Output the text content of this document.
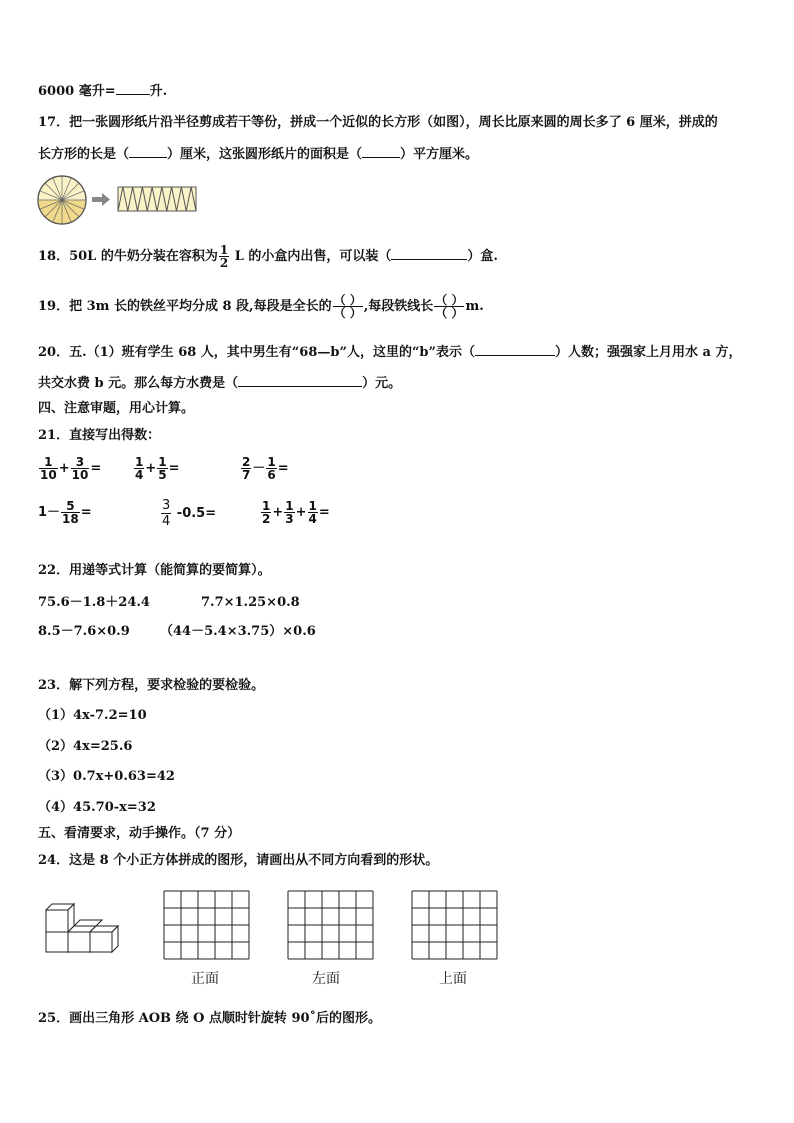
6000 毫升=	升.
17．把一张圆形纸片沿半径剪成若干等份，拼成一个近似的长方形（如图），周长比原来圆的周长多了 6 厘米，拼成的
长方形的长是（	）厘米，这张圆形纸片的面积是（	）平方厘米。
18．50L 的牛奶分装在容积为 $\frac{1}{2}$ L 的小盒内出售，可以装（	）盒.
19．把 3m 长的铁丝平均分成 8 段,每段是全长的 $\frac{( )}{( )}$ ,每段铁线长 $\frac{( )}{( )} m$.
20．五.（1）班有学生 68 人，其中男生有“68—b”人，这里的“b”表示（	）人数；强强家上月用水 a 方，
共交水费 b 元。那么每方水费是（	）元。
四、注意审题，用心计算。
21．直接写出得数：
$\frac{1}{10} + \frac{3}{10}$ =	$\frac{1}{4} + \frac{1}{5}$ =	$\frac{2}{7} - \frac{1}{6}$ =
$1- \frac{5}{18}$ =	$\frac{3}{4} -0.5=$	$\frac{1}{2} + \frac{1}{3} + \frac{1}{4}$ =
22．用递等式计算（能简算的要简算）。
75.6－1.8＋24.4	7.7×1.25×0.8
8.5－7.6×0.9 （44－5.4×3.75）×0.6
23．解下列方程，要求检验的要检验。
（1）4x-7.2=10
（2）4x=25.6
（3）0.7x+0.63=42
（4）45.70-x=32
五、看清要求，动手操作。（7 分）
24．这是 8 个小正方体拼成的图形，请画出从不同方向看到的形状。
正面	左面	上面
25．画出三角形 AOB 绕 O 点顺时针旋转 90˚后的图形。
